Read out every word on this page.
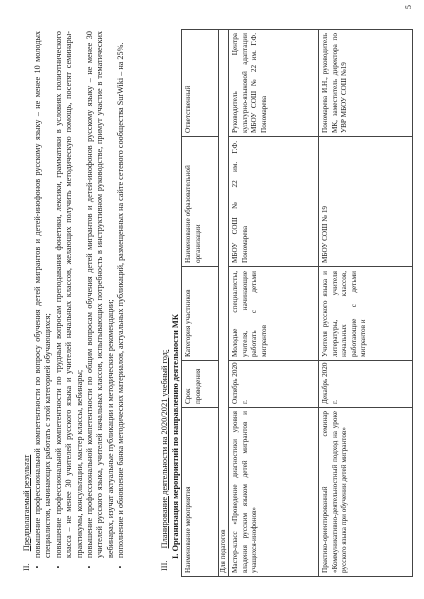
5
II. Предполагаемый результат
•
повышение профессиональной компетентности по вопросу обучения детей мигрантов и детей-инофонов русскому языку – не менее 10 молодых специалистов, начинающих работать с этой категорией обучающихся;
•
повышение профессиональной компетентности по трудным вопросам преподавания фонетики, лексики, грамматики в условиях полиэтнического класса – не менее 30 учителей русского языка и учителей начальных классов, желающих получить методическую помощь, посетят семинары-практикумы, консультации, мастер классы, вебинары;
•
повышение профессиональной компетентности по общим вопросам обучения детей мигрантов и детей-инофонов русскому языку – не менее 30 учителей русского языка, учителей начальных классов, испытывающих потребность в инструктивном руководстве, примут участие в тематических вебинарах, изучат актуальные публикации и методические рекомендации;
•
пополнение и обновление банка методических материалов, актуальных публикаций, размещенных на сайте сетевого сообщества SurWiki – на 25%.
III. Планирование деятельности на 2020/2021 учебный год: I. Организация мероприятий по направлению деятельности МК Наименование мероприятия
Срок проведения
Категория участников
Наименование образовательной организации
Ответственный
Для педагогов Мастер-класс «Проведение диагностики уровня владения русским языком детей мигрантов и учащихся-инофонов»
Октябрь 2020 г.
Молодые специалисты, учителя, начинающие работать с детьми мигрантов
МБОУ СОШ № 22 им. Г.Ф. Пономарева
Руководитель Центра культурно-языковой адаптации МБОУ СОШ № 22 им. Г.Ф. Пономарева
Практико-ориентированный семинар «Коммуникативно-деятельностный подход на уроке русского языка при обучении детей мигрантов»
Декабрь 2020 г.
Учителя русского языка и литературы, учителя начальных классов, работающие с детьми мигрантов и
МБОУ СОШ № 19
Пономарева И.Н., руководитель МК, заместитель директора по УВР МБОУ СОШ №19
